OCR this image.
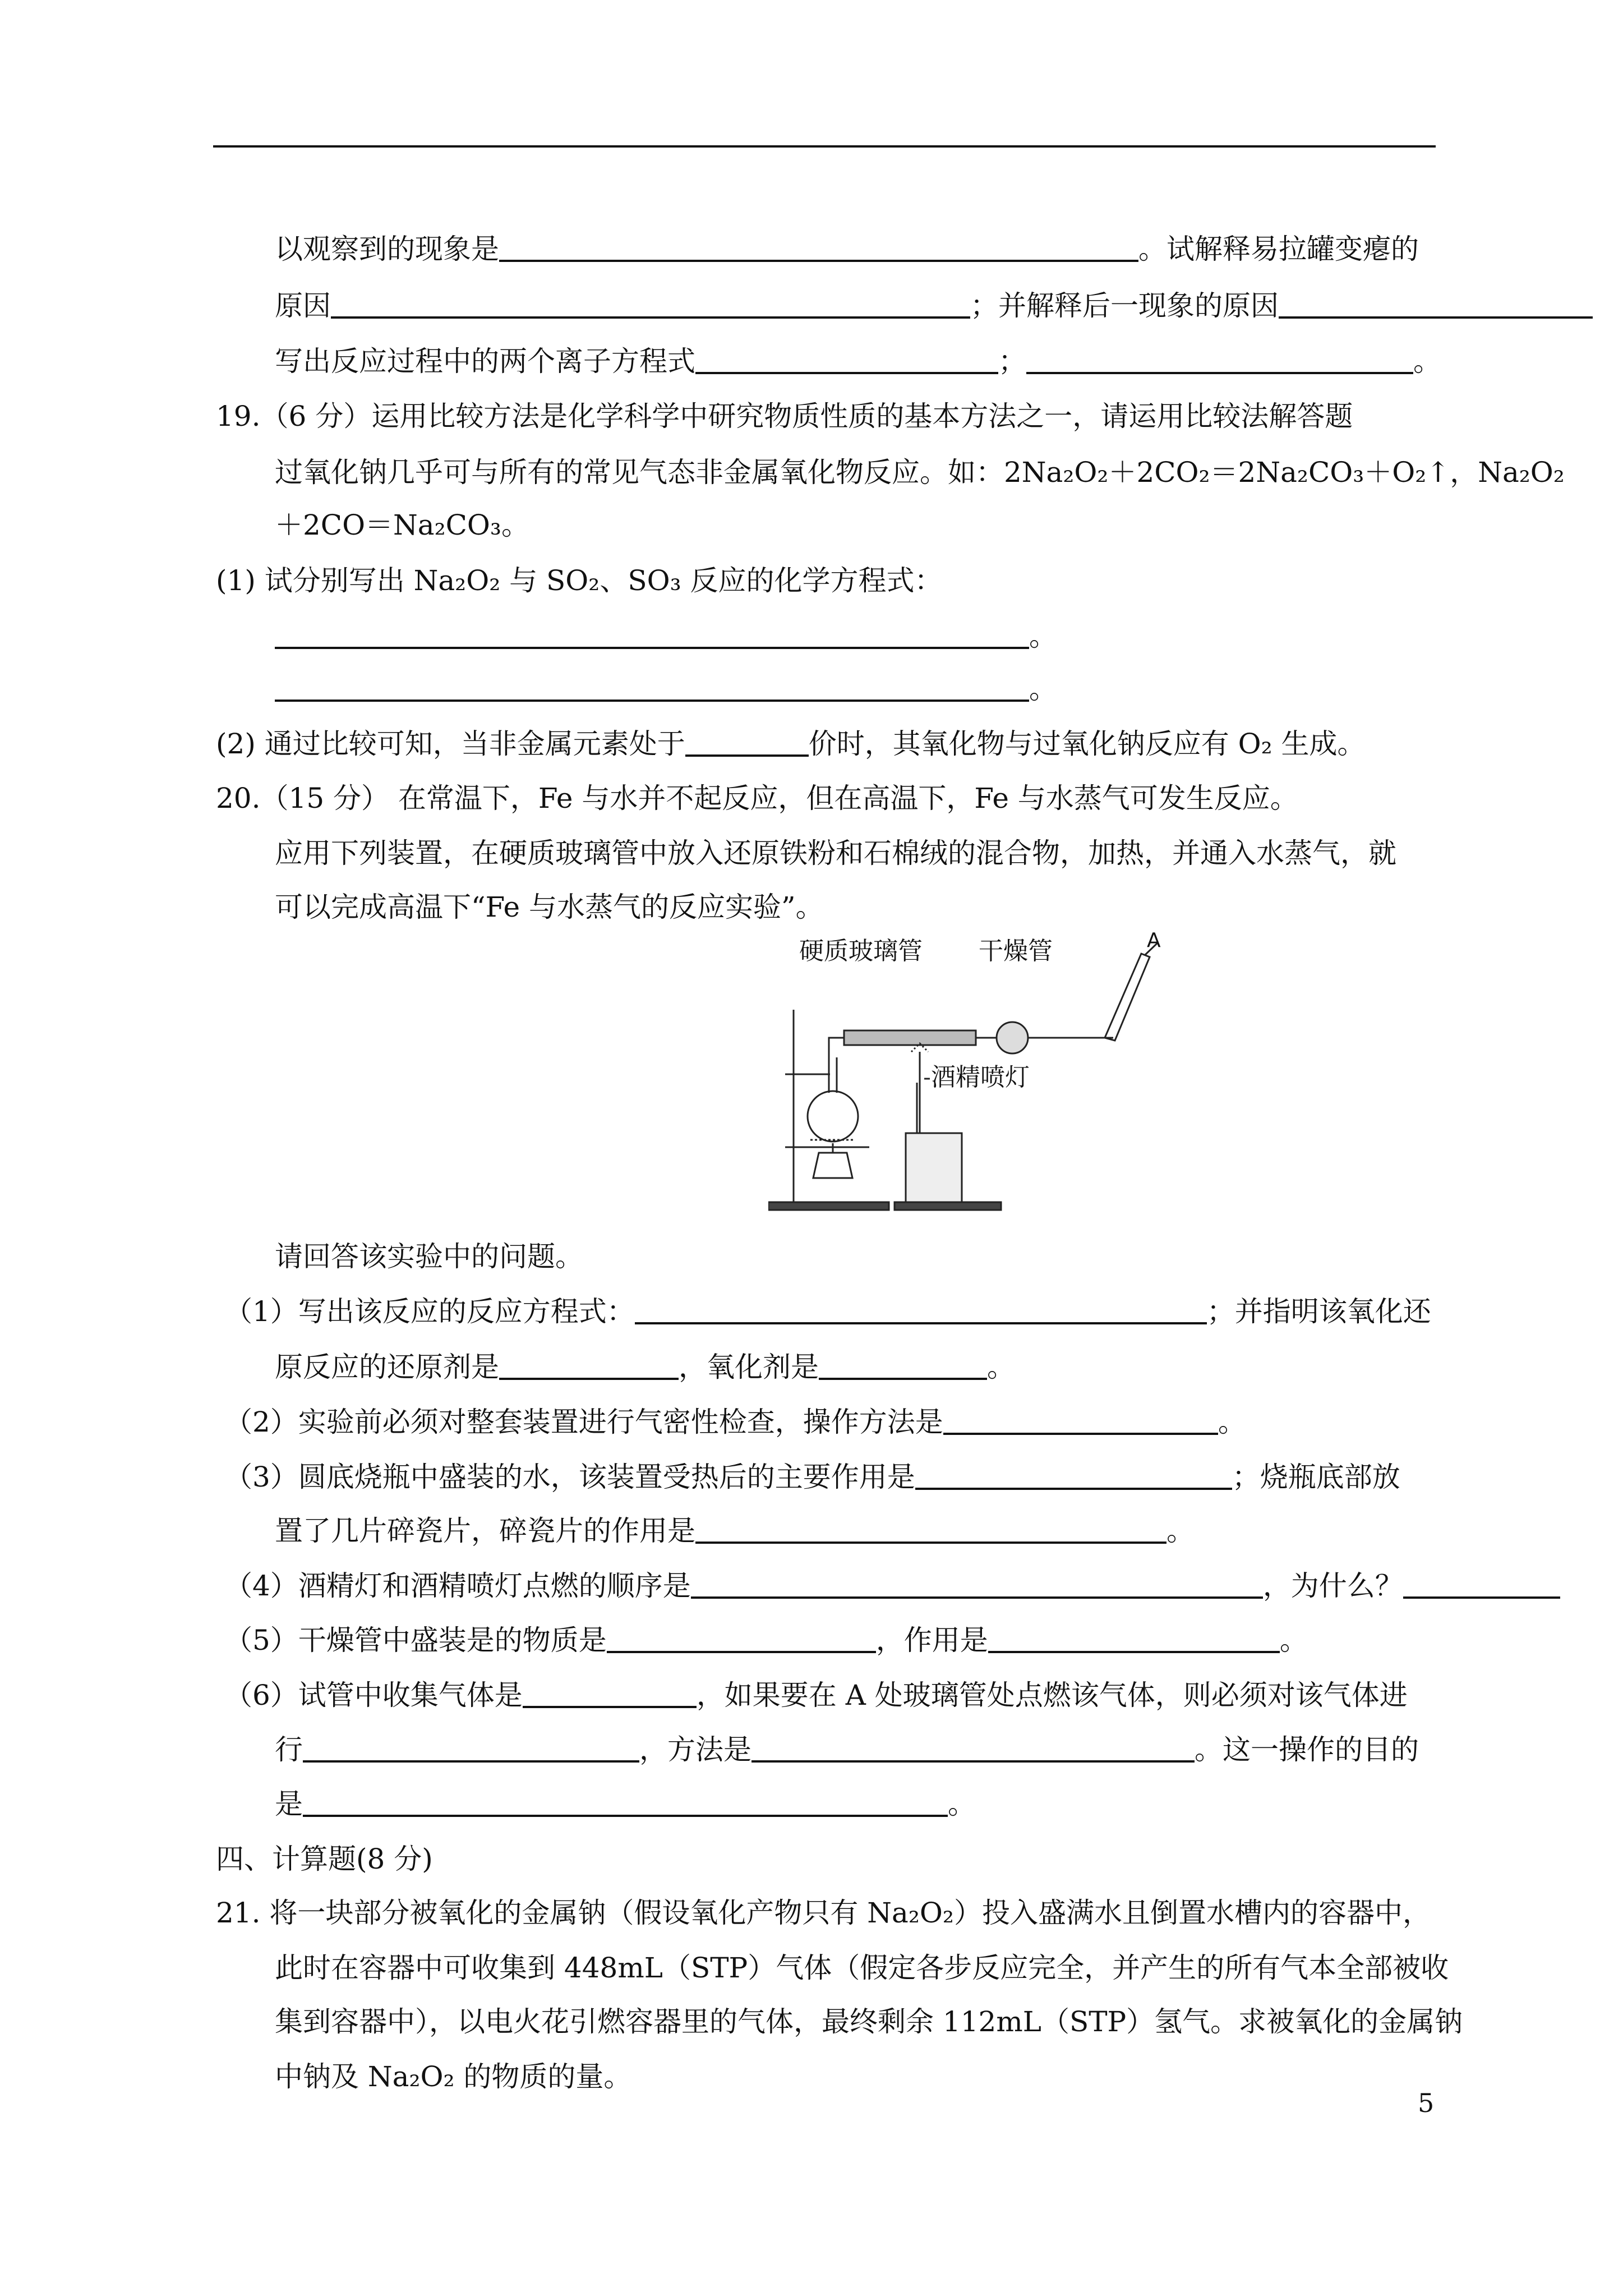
以观察到的现象是	。试解释易拉罐变瘪的
原因	；并解释后一现象的原因
写出反应过程中的两个离子方程式	；	。
19.（6 分）运用比较方法是化学科学中研究物质性质的基本方法之一，请运用比较法解答题
过氧化钠几乎可与所有的常见气态非金属氧化物反应。如：2Na₂O₂＋2CO₂＝2Na₂CO₃＋O₂↑，Na₂O₂
＋2CO＝Na₂CO₃。
(1) 试分别写出 Na₂O₂ 与 SO₂、SO₃ 反应的化学方程式：
。
。
(2) 通过比较可知，当非金属元素处于	价时，其氧化物与过氧化钠反应有 O₂ 生成。
20.（15 分） 在常温下，Fe 与水并不起反应，但在高温下，Fe 与水蒸气可发生反应。
应用下列装置，在硬质玻璃管中放入还原铁粉和石棉绒的混合物，加热，并通入水蒸气，就
可以完成高温下“Fe 与水蒸气的反应实验”。
硬质玻璃管 干燥管
酒精喷灯
A
请回答该实验中的问题。
（1）写出该反应的反应方程式：	；并指明该氧化还
原反应的还原剂是	，氧化剂是	。
（2）实验前必须对整套装置进行气密性检查，操作方法是	。
（3）圆底烧瓶中盛装的水，该装置受热后的主要作用是	；烧瓶底部放
置了几片碎瓷片，碎瓷片的作用是	。
（4）酒精灯和酒精喷灯点燃的顺序是	，为什么？
（5）干燥管中盛装是的物质是	，作用是	。
（6）试管中收集气体是	，如果要在 A 处玻璃管处点燃该气体，则必须对该气体进
行	，方法是	。这一操作的目的
是	。
四、计算题(8 分)
21. 将一块部分被氧化的金属钠（假设氧化产物只有 Na₂O₂）投入盛满水且倒置水槽内的容器中，
此时在容器中可收集到 448mL（STP）气体（假定各步反应完全，并产生的所有气本全部被收
集到容器中），以电火花引燃容器里的气体，最终剩余 112mL（STP）氢气。求被氧化的金属钠
中钠及 Na₂O₂ 的物质的量。
5
